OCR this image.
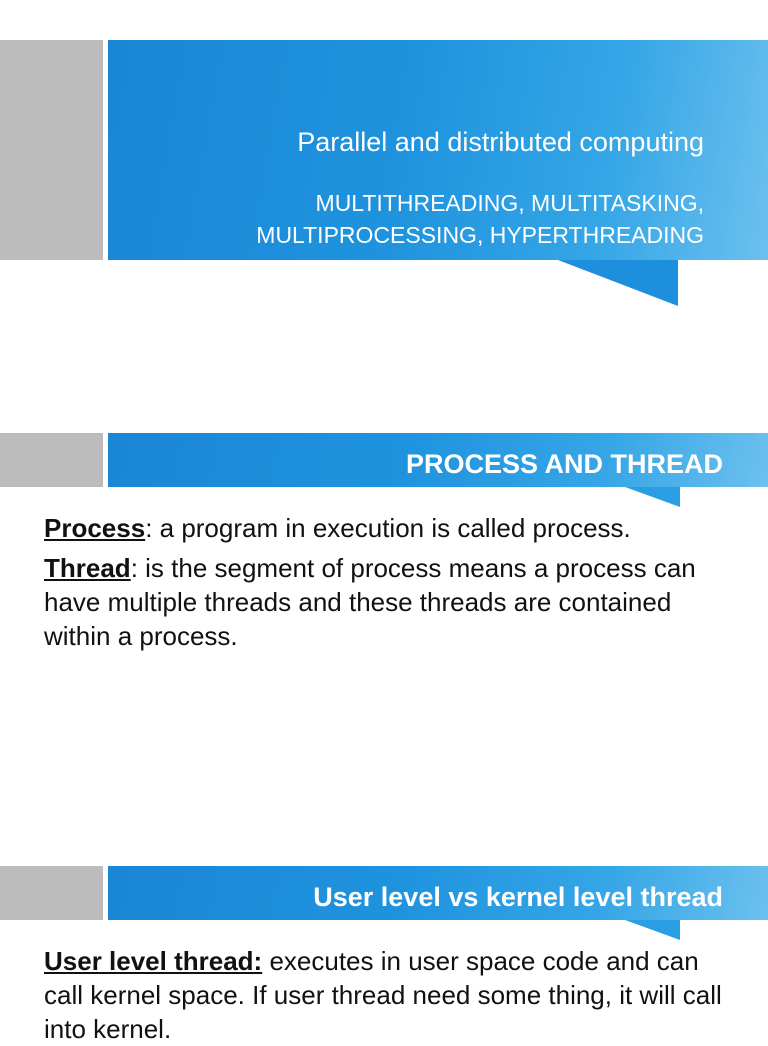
Parallel and distributed computing
MULTITHREADING, MULTITASKING,
MULTIPROCESSING, HYPERTHREADING
PROCESS AND THREAD

Process: a program in execution is called process.

Thread: is the segment of process means a process can have multiple threads and these threads are contained within a process.

User level vs kernel level thread

User level thread: executes in user space code and can call kernel space. If user thread need some thing, it will call into kernel.
